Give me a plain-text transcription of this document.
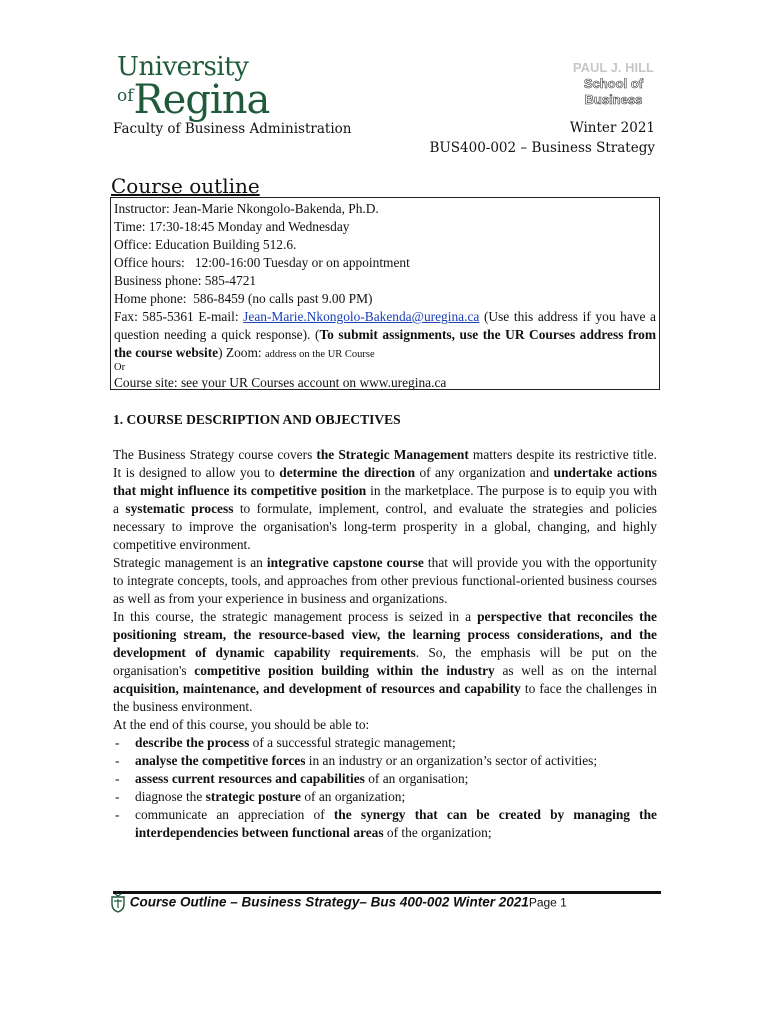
University
ofRegina
PAUL J. HILL
School of
Business
Faculty of Business Administration	Winter 2021
BUS400-002 – Business Strategy
Course outline
Instructor: Jean-Marie Nkongolo-Bakenda, Ph.D.
Time: 17:30-18:45 Monday and Wednesday
Office: Education Building 512.6.
Office hours:   12:00-16:00 Tuesday or on appointment
Business phone: 585-4721
Home phone:  586-8459 (no calls past 9.00 PM)
Fax: 585-5361 E-mail: Jean-Marie.Nkongolo-Bakenda@uregina.ca (Use this address if you have a question needing a quick response). (To submit assignments, use the UR Courses address from the course website) Zoom: address on the UR Course
Or
Course site: see your UR Courses account on www.uregina.ca
1. COURSE DESCRIPTION AND OBJECTIVES

The Business Strategy course covers the Strategic Management matters despite its restrictive title. It is designed to allow you to determine the direction of any organization and undertake actions that might influence its competitive position in the marketplace. The purpose is to equip you with a systematic process to formulate, implement, control, and evaluate the strategies and policies necessary to improve the organisation's long-term prosperity in a global, changing, and highly competitive environment.

Strategic management is an integrative capstone course that will provide you with the opportunity to integrate concepts, tools, and approaches from other previous functional-oriented business courses as well as from your experience in business and organizations.

In this course, the strategic management process is seized in a perspective that reconciles the positioning stream, the resource-based view, the learning process considerations, and the development of dynamic capability requirements. So, the emphasis will be put on the organisation's competitive position building within the industry as well as on the internal acquisition, maintenance, and development of resources and capability to face the challenges in the business environment.

At the end of this course, you should be able to:

- describe the process of a successful strategic management;
- analyse the competitive forces in an industry or an organization’s sector of activities;
- assess current resources and capabilities of an organisation;
- diagnose the strategic posture of an organization;
- communicate an appreciation of the synergy that can be created by managing the interdependencies between functional areas of the organization;
Course Outline – Business Strategy– Bus 400-002 Winter 2021Page 1
